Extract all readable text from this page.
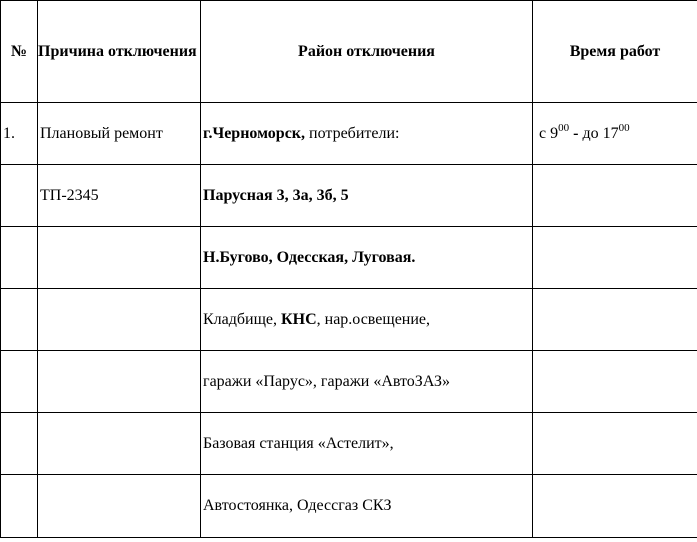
№	Причина отключения	Район отключения	Время работ
1.	Плановый ремонт	г.Черноморск, потребители:	с $9^{00}$ - до $17^{00}$
	ТП-2345	Парусная 3, 3а, 3б, 5	
		Н.Бугово, Одесская, Луговая.	
		Кладбище, КНС, нар.освещение,	
		гаражи «Парус», гаражи «АвтоЗАЗ»	
		Базовая станция «Астелит»,	
		Автостоянка, Одессгаз СКЗ	
